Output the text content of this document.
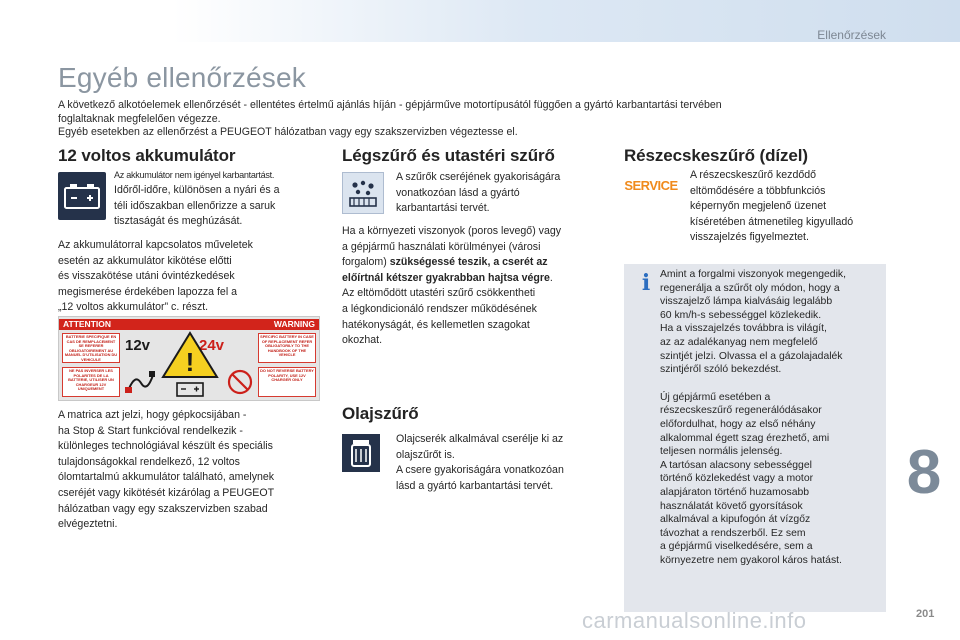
Ellenőrzések
Egyéb ellenőrzések

A következő alkotóelemek ellenőrzését - ellentétes értelmű ajánlás híján - gépjárműve motortípusától függően a gyártó karbantartási tervében

foglaltaknak megfelelően végezze.

Egyéb esetekben az ellenőrzést a PEUGEOT hálózatban vagy egy szakszervizben végeztesse el.

12 voltos akkumulátor
Az akkumulátor nem igényel karbantartást.
Időről-időre, különösen a nyári és a
téli időszakban ellenőrizze a saruk
tisztaságát és meghúzását.
Az akkumulátorral kapcsolatos műveletek
esetén az akkumulátor kikötése előtti
és visszakötése utáni óvintézkedések
megismerése érdekében lapozza fel a
„12 voltos akkumulátor” c. részt.
ATTENTION	WARNING
BATTERIE SPECIFIQUE EN CAS DE REMPLACEMENT SE REFERER OBLIGATOIREMENT AU MANUEL D'UTILISATION DU VEHICULE
SPECIFIC BATTERY IN CASE OF REPLACEMENT REFER OBLIGATORILY TO THE HANDBOOK OF THE VEHICLE
NE PAS INVERSER LES POLARITES DE LA BATTERIE, UTILISER UN CHARGEUR 12V UNIQUEMENT
DO NOT REVERSE BATTERY POLARITY, USE 12V CHARGER ONLY
12v	24v
!
A matrica azt jelzi, hogy gépkocsijában -
ha Stop & Start funkcióval rendelkezik -
különleges technológiával készült és speciális
tulajdonságokkal rendelkező, 12 voltos
ólomtartalmú akkumulátor található, amelynek
cseréjét vagy kikötését kizárólag a PEUGEOT
hálózatban vagy egy szakszervizben szabad
elvégeztetni.
Légszűrő és utastéri szűrő
A szűrők cseréjének gyakoriságára
vonatkozóan lásd a gyártó
karbantartási tervét.
Ha a környezeti viszonyok (poros levegő) vagy
a gépjármű használati körülményei (városi
forgalom) szükségessé teszik, a cserét az
előírtnál kétszer gyakrabban hajtsa végre.
Az eltömődött utastéri szűrő csökkentheti
a légkondicionáló rendszer működésének
hatékonyságát, és kellemetlen szagokat
okozhat.
Olajszűrő
Olajcserék alkalmával cserélje ki az
olajszűrőt is.
A csere gyakoriságára vonatkozóan
lásd a gyártó karbantartási tervét.
Részecskeszűrő (dízel)
SERVICE
A részecskeszűrő kezdődő
eltömődésére a többfunkciós
képernyőn megjelenő üzenet
kíséretében átmenetileg kigyulladó
visszajelzés figyelmeztet.
i Amint a forgalmi viszonyok megengedik,
regenerálja a szűrőt oly módon, hogy a
visszajelző lámpa kialvásáig legalább
60 km/h-s sebességgel közlekedik.
Ha a visszajelzés továbbra is világít,
az az adalékanyag nem megfelelő
szintjét jelzi. Olvassa el a gázolajadalék
szintjéről szóló bekezdést.
Új gépjármű esetében a
részecskeszűrő regenerálódásakor
előfordulhat, hogy az első néhány
alkalommal égett szag érezhető, ami
teljesen normális jelenség.
A tartósan alacsony sebességgel
történő közlekedést vagy a motor
alapjáraton történő huzamosabb
használatát követő gyorsítások
alkalmával a kipufogón át vízgőz
távozhat a rendszerből. Ez sem
a gépjármű viselkedésére, sem a
környezetre nem gyakorol káros hatást.
8
carmanualsonline.info	201
